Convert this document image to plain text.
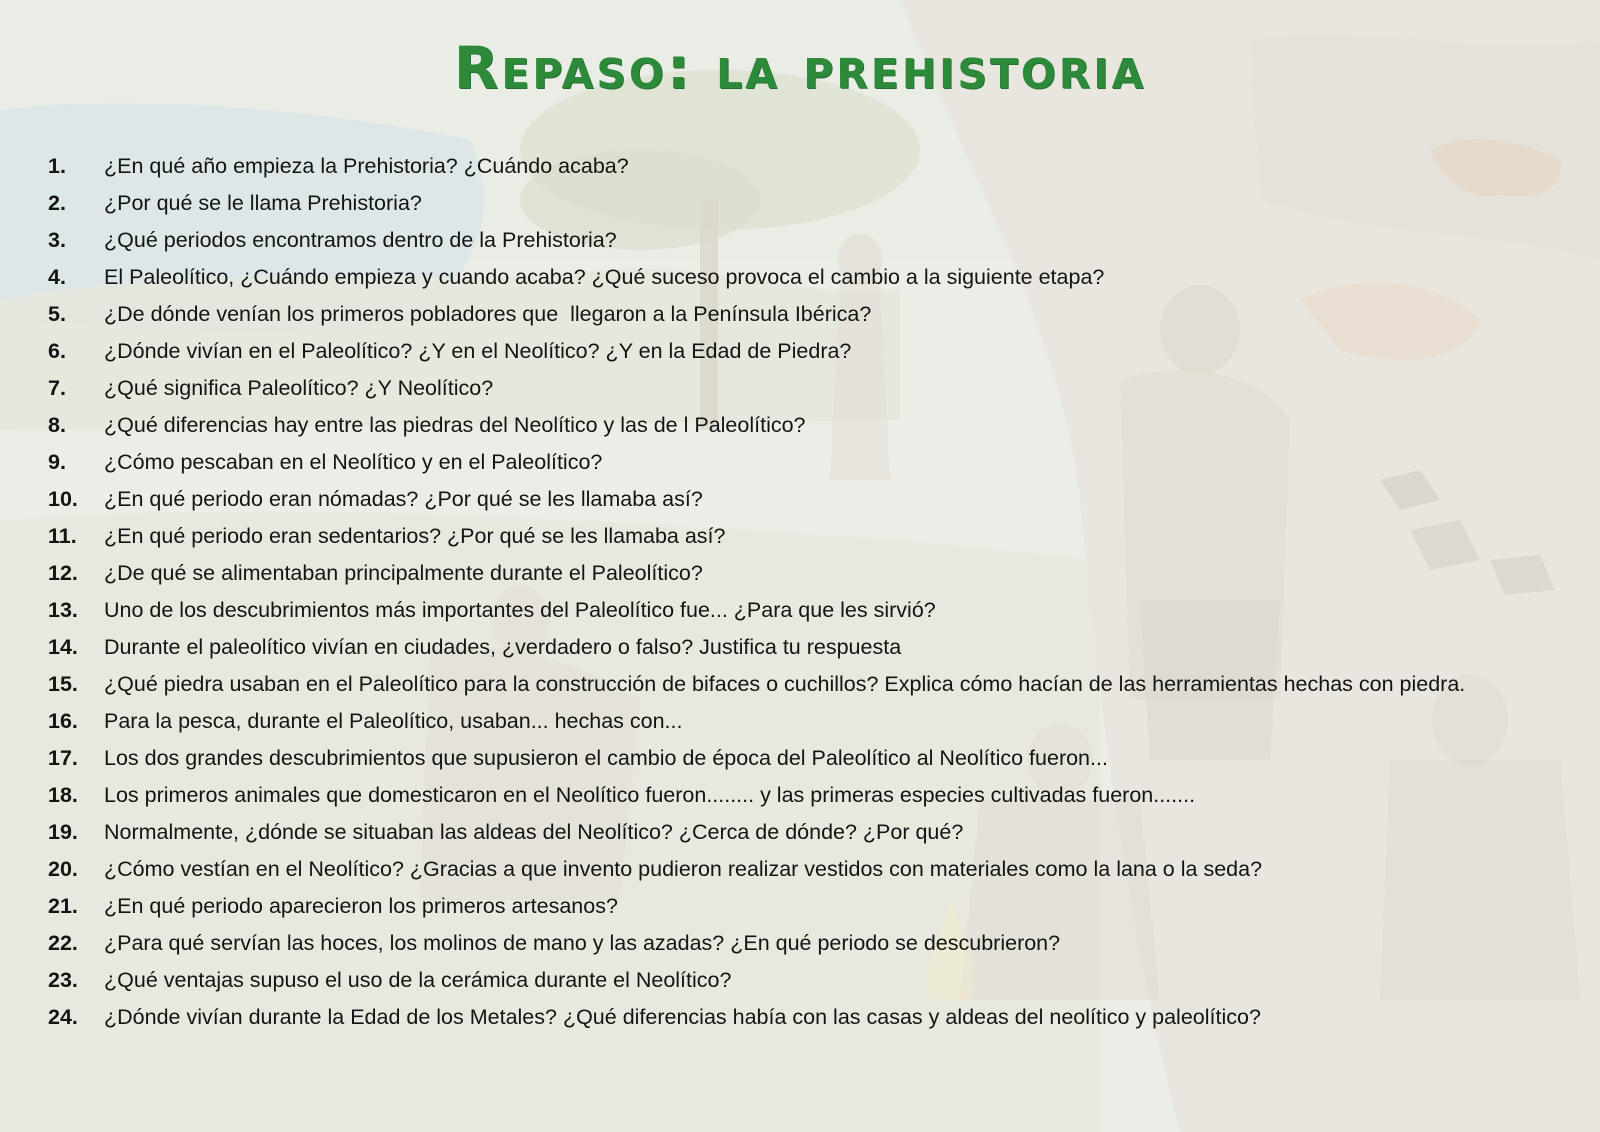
Repaso: la prehistoria
1.	¿En qué año empieza la Prehistoria? ¿Cuándo acaba?
2.	¿Por qué se le llama Prehistoria?
3.	¿Qué periodos encontramos dentro de la Prehistoria?
4.	El Paleolítico, ¿Cuándo empieza y cuando acaba? ¿Qué suceso provoca el cambio a la siguiente etapa?
5.	¿De dónde venían los primeros pobladores que  llegaron a la Península Ibérica?
6.	¿Dónde vivían en el Paleolítico? ¿Y en el Neolítico? ¿Y en la Edad de Piedra?
7.	¿Qué significa Paleolítico? ¿Y Neolítico?
8.	¿Qué diferencias hay entre las piedras del Neolítico y las de l Paleolítico?
9.	¿Cómo pescaban en el Neolítico y en el Paleolítico?
10.	¿En qué periodo eran nómadas? ¿Por qué se les llamaba así?
11.	¿En qué periodo eran sedentarios? ¿Por qué se les llamaba así?
12.	¿De qué se alimentaban principalmente durante el Paleolítico?
13.	Uno de los descubrimientos más importantes del Paleolítico fue... ¿Para que les sirvió?
14.	Durante el paleolítico vivían en ciudades, ¿verdadero o falso? Justifica tu respuesta
15.	¿Qué piedra usaban en el Paleolítico para la construcción de bifaces o cuchillos? Explica cómo hacían de las herramientas hechas con piedra.
16.	Para la pesca, durante el Paleolítico, usaban... hechas con...
17.	Los dos grandes descubrimientos que supusieron el cambio de época del Paleolítico al Neolítico fueron...
18.	Los primeros animales que domesticaron en el Neolítico fueron........ y las primeras especies cultivadas fueron.......
19.	Normalmente, ¿dónde se situaban las aldeas del Neolítico? ¿Cerca de dónde? ¿Por qué?
20.	¿Cómo vestían en el Neolítico? ¿Gracias a que invento pudieron realizar vestidos con materiales como la lana o la seda?
21.	¿En qué periodo aparecieron los primeros artesanos?
22.	¿Para qué servían las hoces, los molinos de mano y las azadas? ¿En qué periodo se descubrieron?
23.	¿Qué ventajas supuso el uso de la cerámica durante el Neolítico?
24.	¿Dónde vivían durante la Edad de los Metales? ¿Qué diferencias había con las casas y aldeas del neolítico y paleolítico?
